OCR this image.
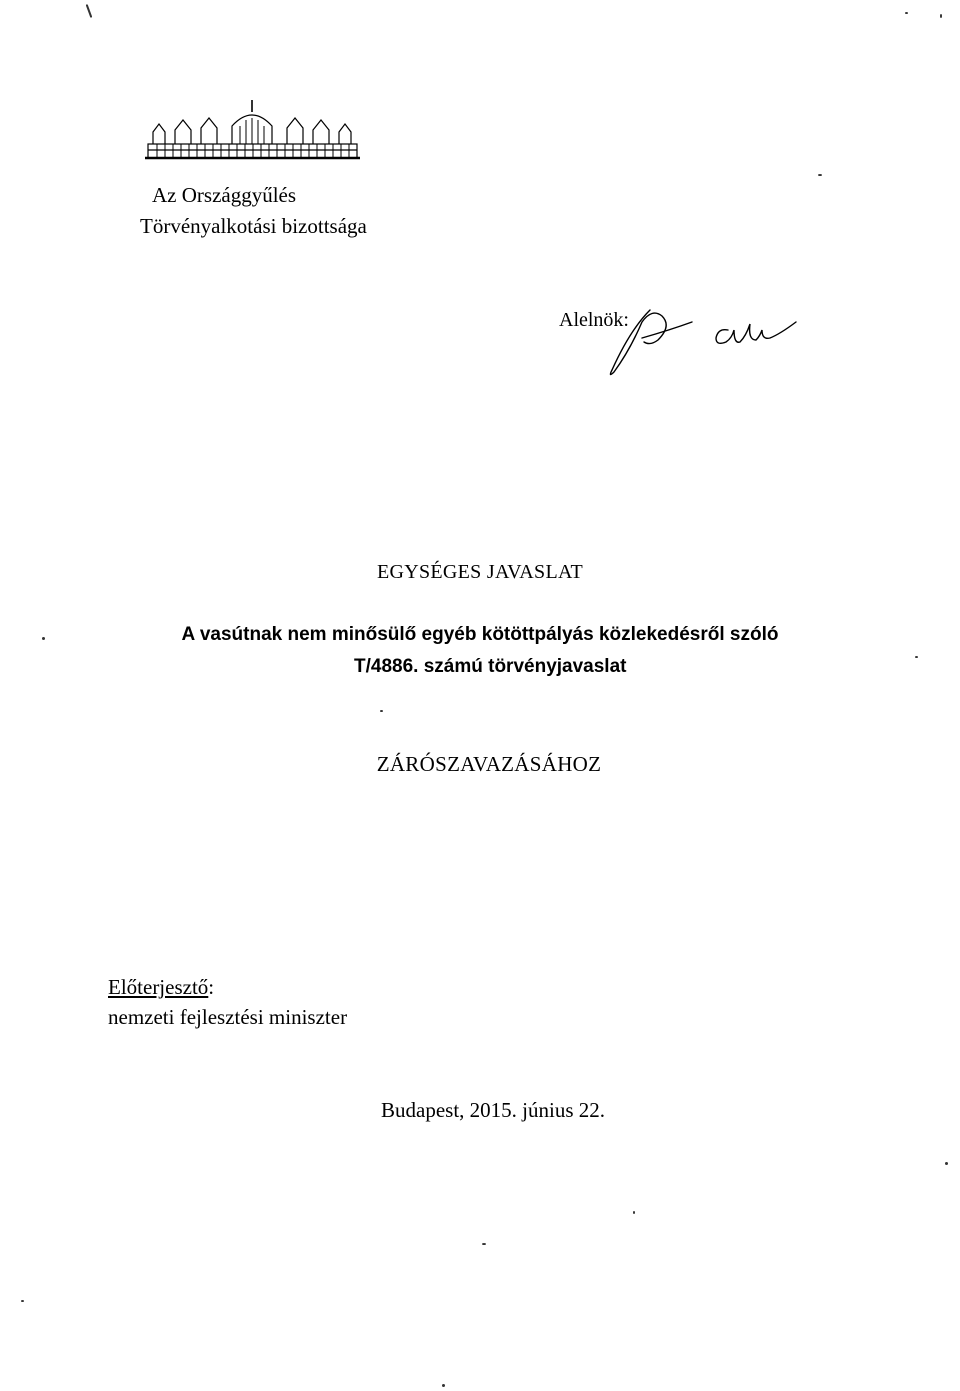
Az Országgyűlés
Törvényalkotási bizottsága
Alelnök:
EGYSÉGES JAVASLAT
A vasútnak nem minősülő egyéb kötöttpályás közlekedésről szóló
T/4886. számú törvényjavaslat
ZÁRÓSZAVAZÁSÁHOZ
Előterjesztő:
nemzeti fejlesztési miniszter
Budapest, 2015. június 22.
